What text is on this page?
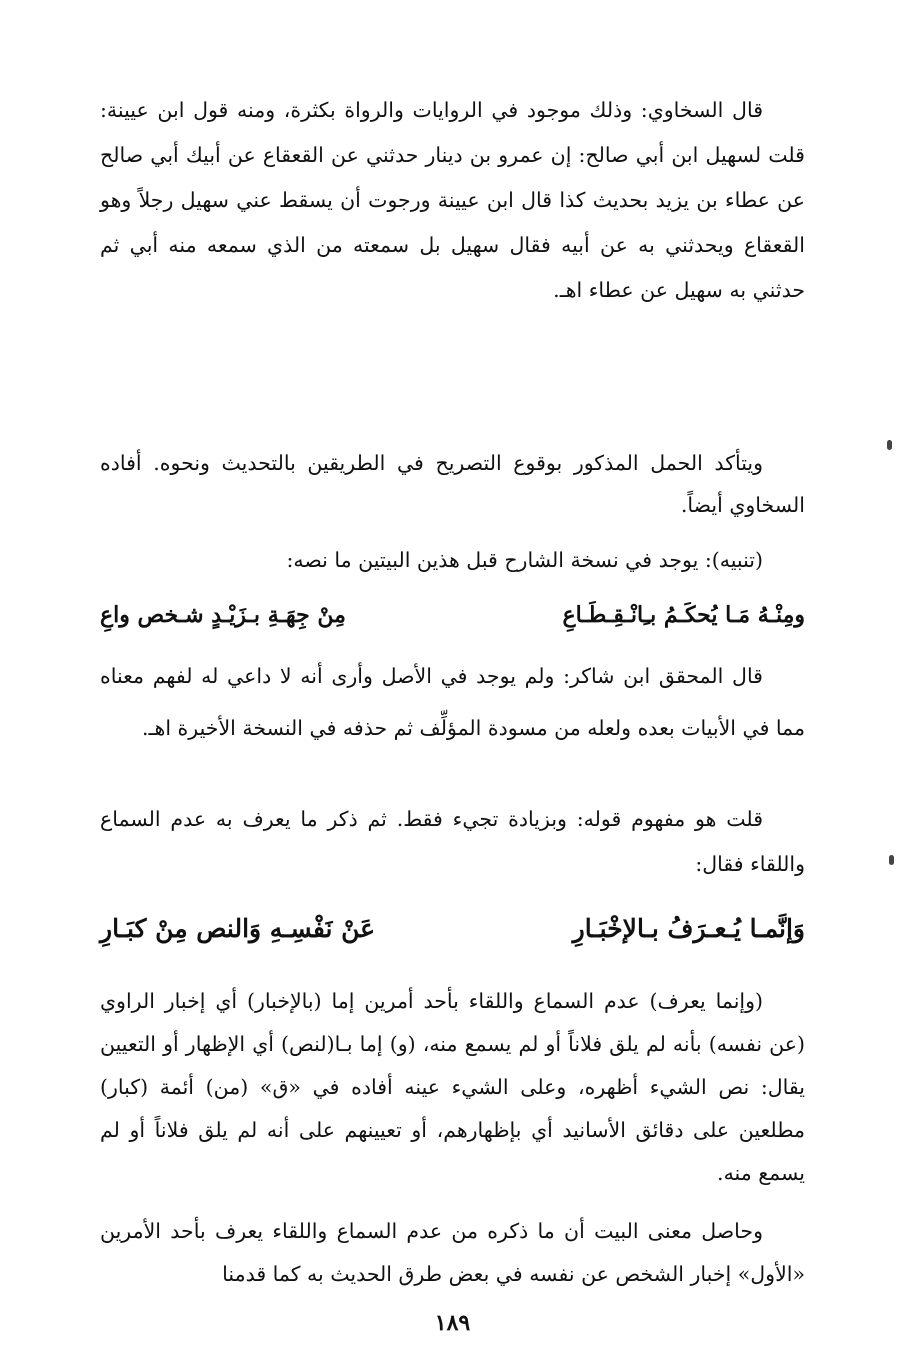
قال السخاوي: وذلك موجود في الروايات والرواة بكثرة، ومنه قول ابن عيينة: قلت لسهيل ابن أبي صالح: إن عمرو بن دينار حدثني عن القعقاع عن أبيك أبي صالح عن عطاء بن يزيد بحديث كذا قال ابن عيينة ورجوت أن يسقط عني سهيل رجلاً وهو القعقاع ويحدثني به عن أبيه فقال سهيل بل سمعته من الذي سمعه منه أبي ثم حدثني به سهيل عن عطاء اهـ.

ويتأكد الحمل المذكور بوقوع التصريح في الطريقين بالتحديث ونحوه. أفاده السخاوي أيضاً.

(تنبيه): يوجد في نسخة الشارح قبل هذين البيتين ما نصه:

ومِنْـهُ مَـا يُحكَـمُ بـِانْـقِـطَـاعِ
مِنْ جِهَـةِ بـزَيْـدٍ شـخص واعِ

قال المحقق ابن شاكر: ولم يوجد في الأصل وأرى أنه لا داعي له لفهم معناه مما في الأبيات بعده ولعله من مسودة المؤلِّف ثم حذفه في النسخة الأخيرة اهـ.

قلت هو مفهوم قوله: وبزيادة تجيء فقط. ثم ذكر ما يعرف به عدم السماع واللقاء فقال:

وَإنَّمـا يُـعـرَفُ بـالإخْبَـارِ
عَنْ نَفْسِـهِ وَالنص مِنْ كبَـارِ

(وإنما يعرف) عدم السماع واللقاء بأحد أمرين إما (بالإخبار) أي إخبار الراوي (عن نفسه) بأنه لم يلق فلاناً أو لم يسمع منه، (و) إما بـا(لنص) أي الإظهار أو التعيين يقال: نص الشيء أظهره، وعلى الشيء عينه أفاده في «ق» (من) أئمة (كبار) مطلعين على دقائق الأسانيد أي بإظهارهم، أو تعيينهم على أنه لم يلق فلاناً أو لم يسمع منه.

وحاصل معنى البيت أن ما ذكره من عدم السماع واللقاء يعرف بأحد الأمرين «الأول» إخبار الشخص عن نفسه في بعض طرق الحديث به كما قدمنا

١٨٩
